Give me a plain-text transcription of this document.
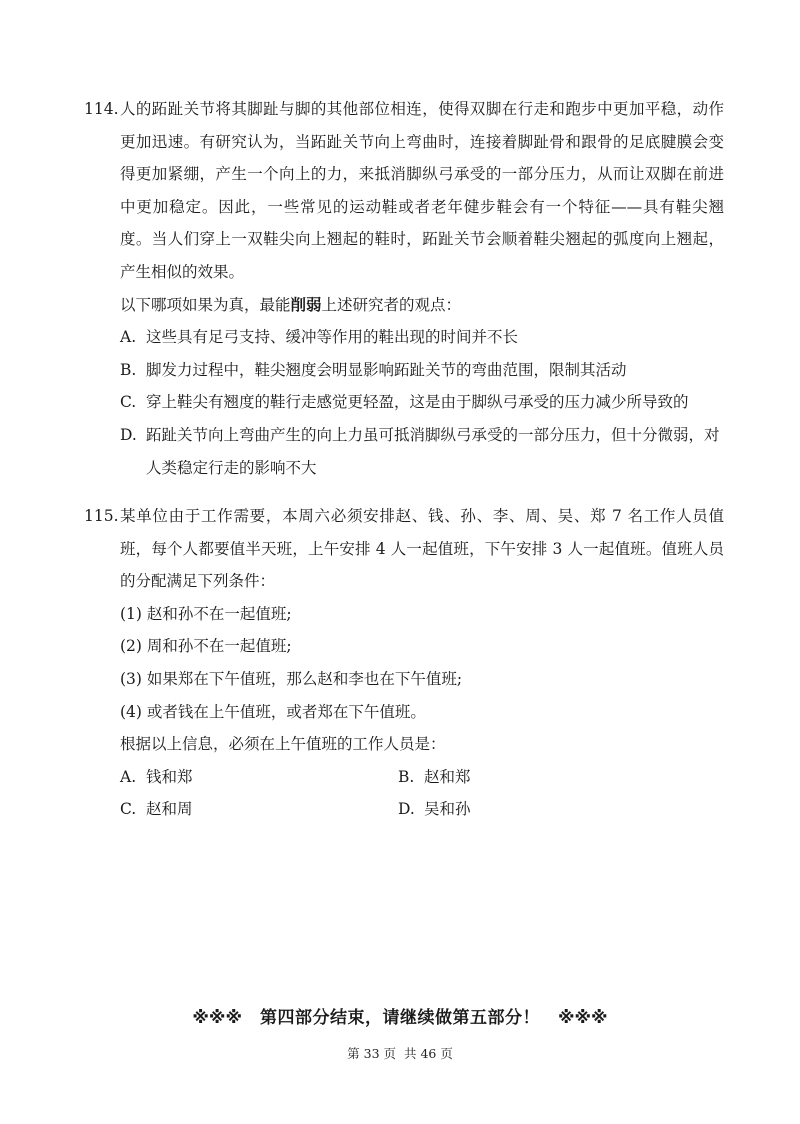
114. 人的跖趾关节将其脚趾与脚的其他部位相连，使得双脚在行走和跑步中更加平稳，动作更加迅速。有研究认为，当跖趾关节向上弯曲时，连接着脚趾骨和跟骨的足底腱膜会变得更加紧绷，产生一个向上的力，来抵消脚纵弓承受的一部分压力，从而让双脚在前进中更加稳定。因此，一些常见的运动鞋或者老年健步鞋会有一个特征——具有鞋尖翘度。当人们穿上一双鞋尖向上翘起的鞋时，跖趾关节会顺着鞋尖翘起的弧度向上翘起，产生相似的效果。
以下哪项如果为真，最能削弱上述研究者的观点：
A. 这些具有足弓支持、缓冲等作用的鞋出现的时间并不长
B. 脚发力过程中，鞋尖翘度会明显影响跖趾关节的弯曲范围，限制其活动
C. 穿上鞋尖有翘度的鞋行走感觉更轻盈，这是由于脚纵弓承受的压力减少所导致的
D. 跖趾关节向上弯曲产生的向上力虽可抵消脚纵弓承受的一部分压力，但十分微弱，对人类稳定行走的影响不大
115. 某单位由于工作需要，本周六必须安排赵、钱、孙、李、周、吴、郑 7 名工作人员值班，每个人都要值半天班，上午安排 4 人一起值班，下午安排 3 人一起值班。值班人员的分配满足下列条件：
(1) 赵和孙不在一起值班;
(2) 周和孙不在一起值班;
(3) 如果郑在下午值班，那么赵和李也在下午值班;
(4) 或者钱在上午值班，或者郑在下午值班。
根据以上信息，必须在上午值班的工作人员是：
A. 钱和郑	B. 赵和郑
C. 赵和周	D. 吴和孙
※※※ 第四部分结束，请继续做第五部分！ ※※※
第 33 页 共 46 页
